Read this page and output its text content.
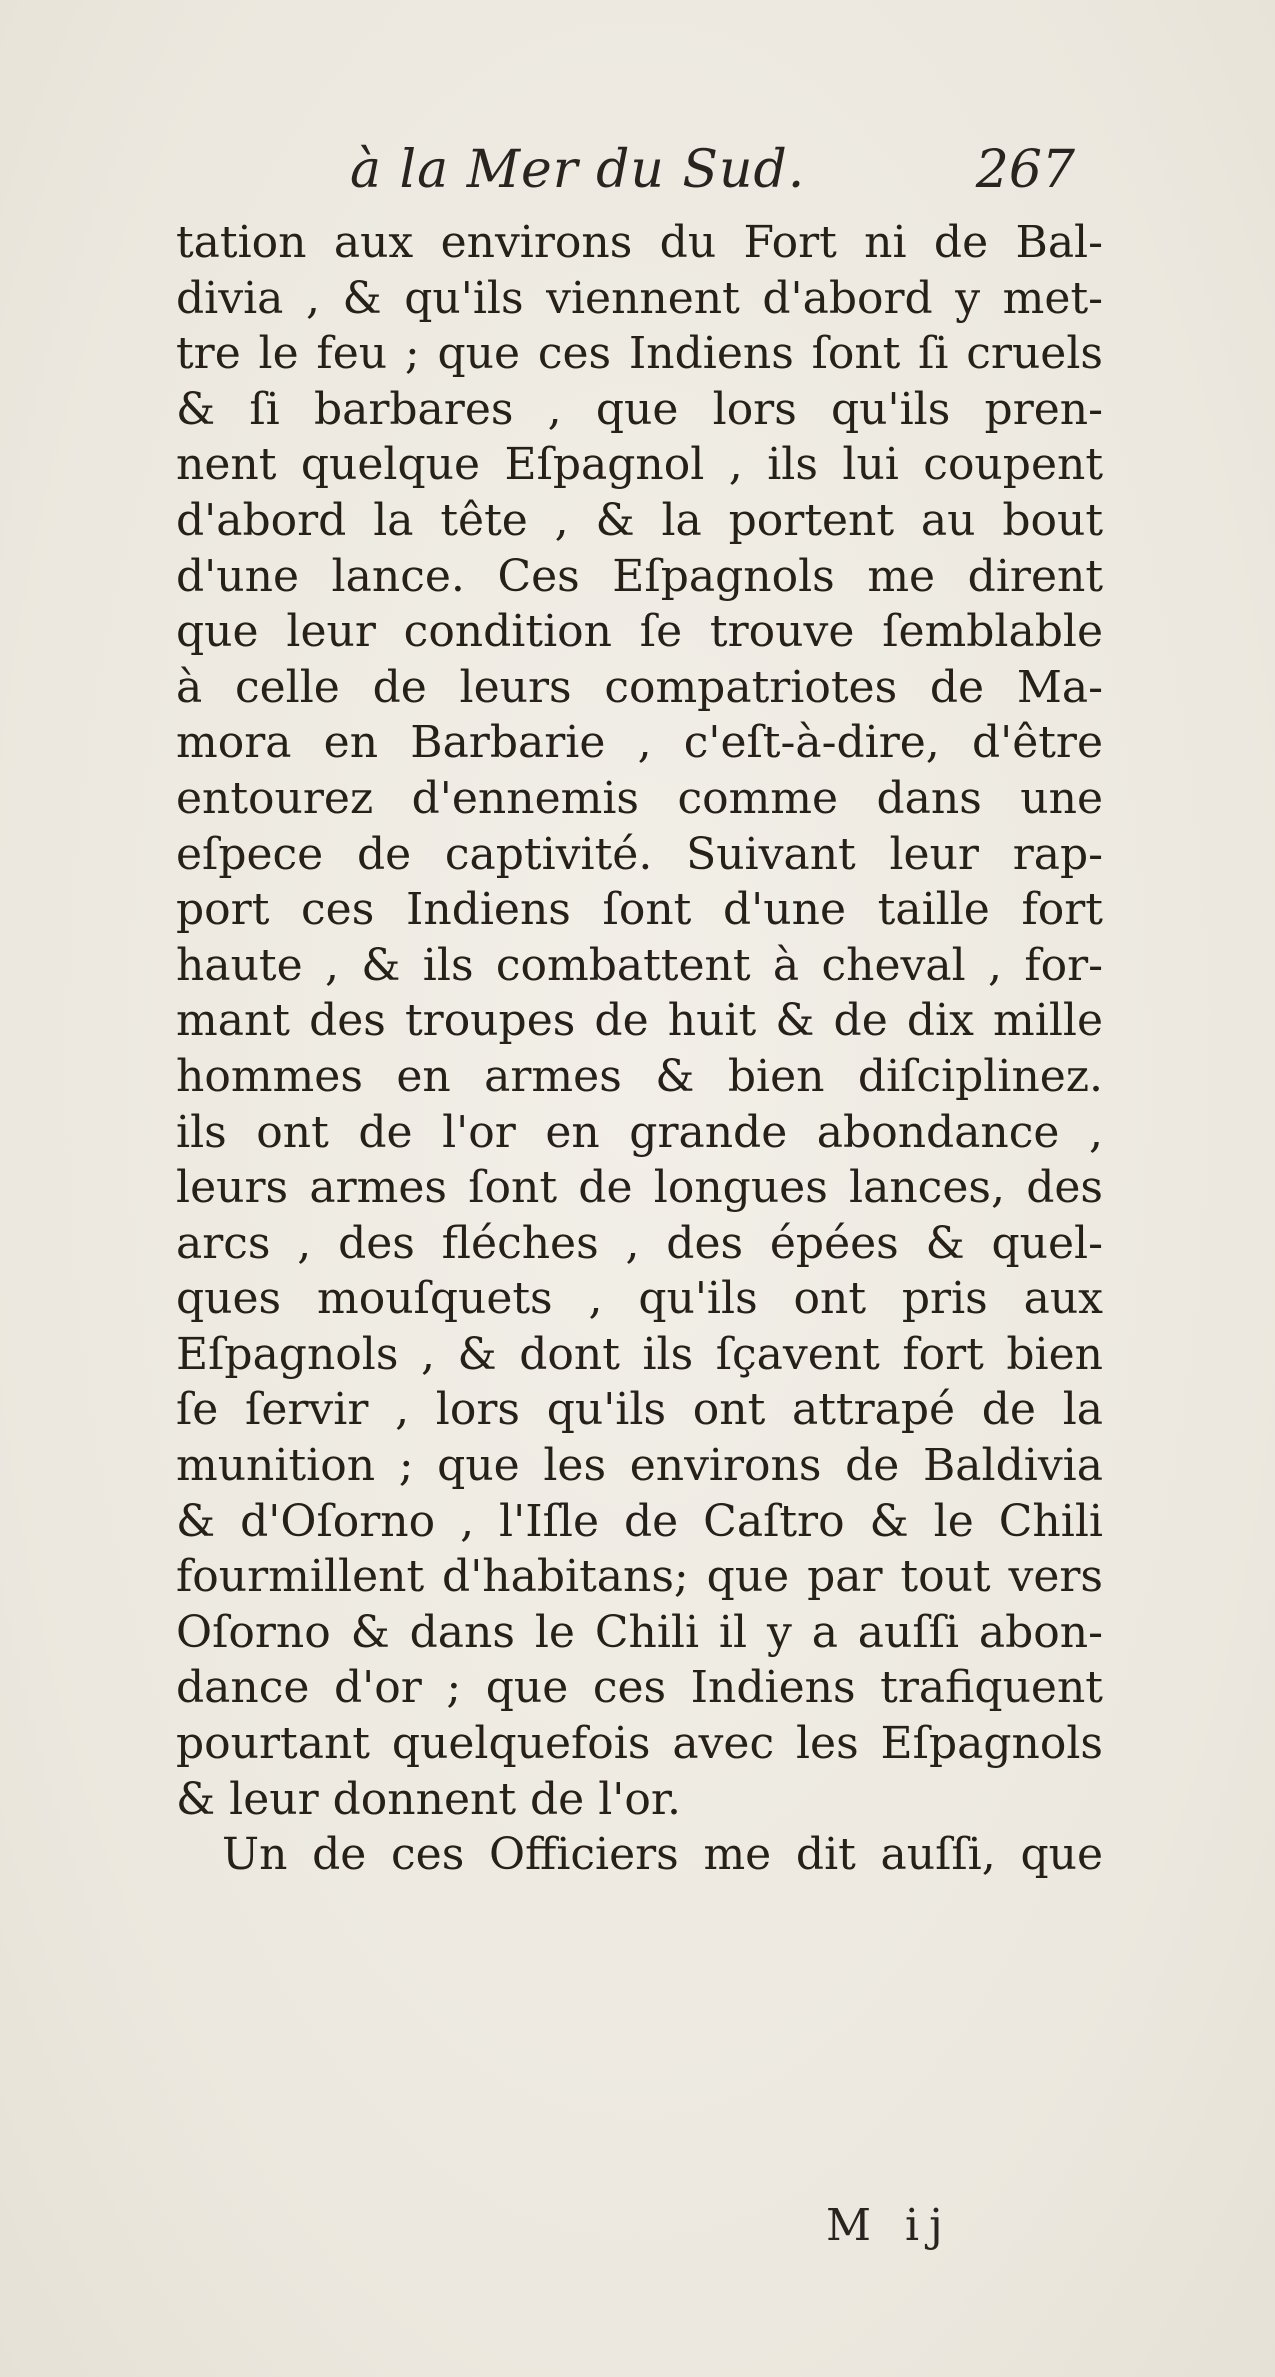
à la Mer du Sud.	267
tation aux environs du Fort ni de Bal-
divia , & qu'ils viennent d'abord y met-
tre le feu ; que ces Indiens ſont ſi cruels
& ſi barbares , que lors qu'ils pren-
nent quelque Eſpagnol , ils lui coupent
d'abord la tête , & la portent au bout
d'une lance. Ces Eſpagnols me dirent
que leur condition ſe trouve ſemblable
à celle de leurs compatriotes de Ma-
mora en Barbarie , c'eſt-à-dire, d'être
entourez d'ennemis comme dans une
eſpece de captivité. Suivant leur rap-
port ces Indiens ſont d'une taille fort
haute , & ils combattent à cheval , for-
mant des troupes de huit & de dix mille
hommes en armes & bien diſciplinez.
ils ont de l'or en grande abondance ,
leurs armes ſont de longues lances, des
arcs , des fléches , des épées & quel-
ques mouſquets , qu'ils ont pris aux
Eſpagnols , & dont ils ſçavent fort bien
ſe ſervir , lors qu'ils ont attrapé de la
munition ; que les environs de Baldivia
& d'Oſorno , l'Iſle de Caſtro & le Chili
fourmillent d'habitans; que par tout vers
Oſorno & dans le Chili il y a auſſi abon-
dance d'or ; que ces Indiens trafiquent
pourtant quelquefois avec les Eſpagnols
& leur donnent de l'or.
Un de ces Officiers me dit auſſi, que
M ij
